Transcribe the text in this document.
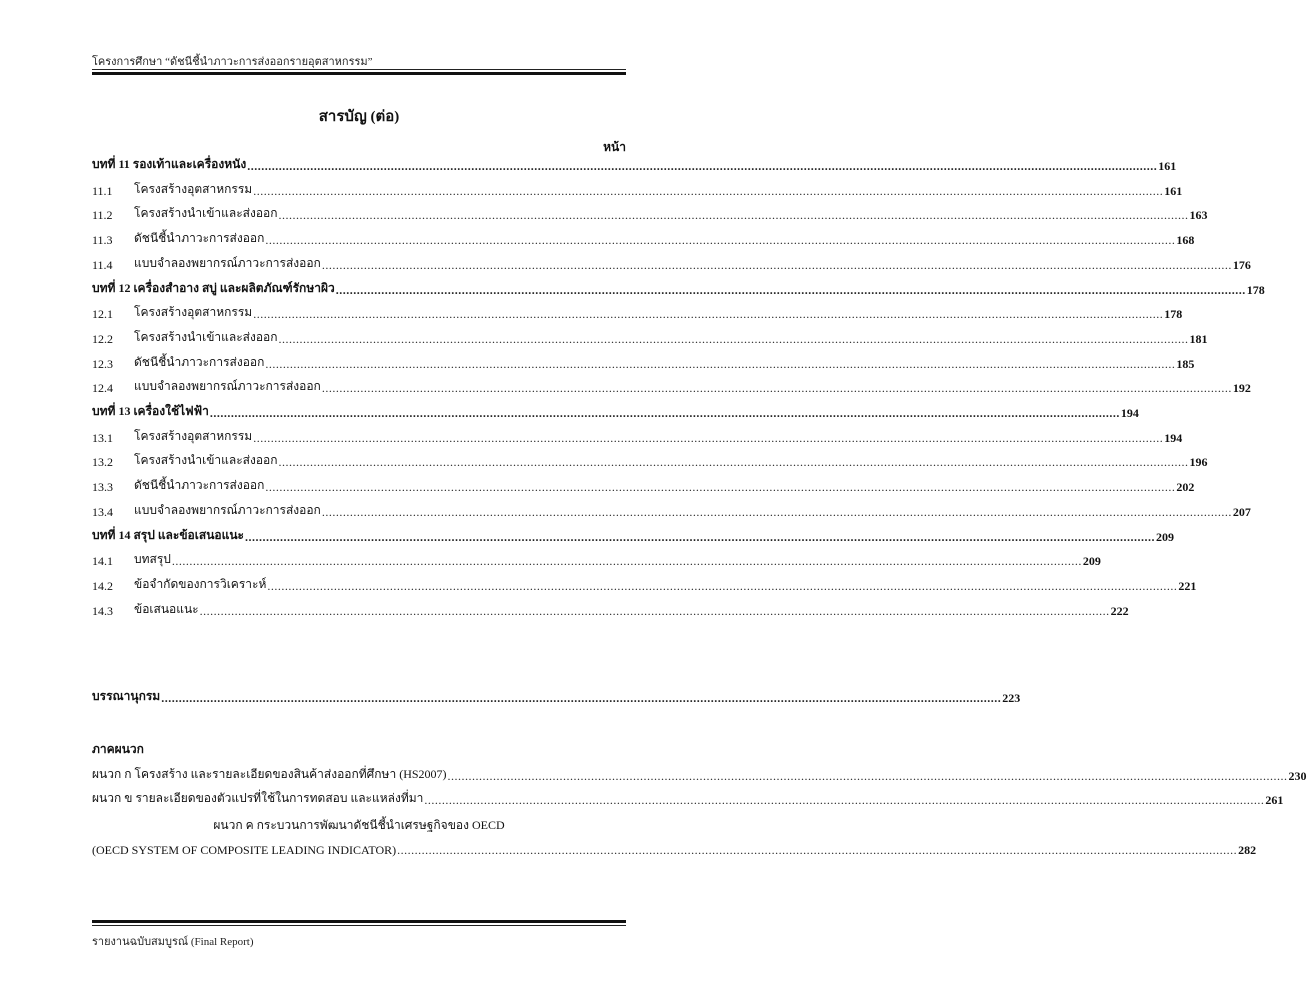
โครงการศึกษา “ดัชนีชี้นำภาวะการส่งออกรายอุตสาหกรรม”
สารบัญ (ต่อ)
หน้า
บทที่ 11 รองเท้าและเครื่องหนัง .................................................................................................................................................................................................................................................................... 161
11.1	โครงสร้างอุตสาหกรรม .................................................................................................................................................................................................................................................................... 161
11.2	โครงสร้างนำเข้าและส่งออก .................................................................................................................................................................................................................................................................... 163
11.3	ดัชนีชี้นำภาวะการส่งออก .................................................................................................................................................................................................................................................................... 168
11.4	แบบจำลองพยากรณ์ภาวะการส่งออก .................................................................................................................................................................................................................................................................... 176
บทที่ 12 เครื่องสำอาง สบู่ และผลิตภัณฑ์รักษาผิว .................................................................................................................................................................................................................................................................... 178
12.1	โครงสร้างอุตสาหกรรม .................................................................................................................................................................................................................................................................... 178
12.2	โครงสร้างนำเข้าและส่งออก .................................................................................................................................................................................................................................................................... 181
12.3	ดัชนีชี้นำภาวะการส่งออก .................................................................................................................................................................................................................................................................... 185
12.4	แบบจำลองพยากรณ์ภาวะการส่งออก .................................................................................................................................................................................................................................................................... 192
บทที่ 13 เครื่องใช้ไฟฟ้า .................................................................................................................................................................................................................................................................... 194
13.1	โครงสร้างอุตสาหกรรม .................................................................................................................................................................................................................................................................... 194
13.2	โครงสร้างนำเข้าและส่งออก .................................................................................................................................................................................................................................................................... 196
13.3	ดัชนีชี้นำภาวะการส่งออก .................................................................................................................................................................................................................................................................... 202
13.4	แบบจำลองพยากรณ์ภาวะการส่งออก .................................................................................................................................................................................................................................................................... 207
บทที่ 14 สรุป และข้อเสนอแนะ .................................................................................................................................................................................................................................................................... 209
14.1	บทสรุป .................................................................................................................................................................................................................................................................... 209
14.2	ข้อจำกัดของการวิเคราะห์ .................................................................................................................................................................................................................................................................... 221
14.3	ข้อเสนอแนะ .................................................................................................................................................................................................................................................................... 222
บรรณานุกรม ................................................................................................................................................................................................................................................ 223
ภาคผนวก
ผนวก ก โครงสร้าง และรายละเอียดของสินค้าส่งออกที่ศึกษา (HS2007) ................................................................................................................................................................................................................................................ 230
ผนวก ข รายละเอียดของตัวแปรที่ใช้ในการทดสอบ และแหล่งที่มา ................................................................................................................................................................................................................................................ 261
ผนวก ค กระบวนการพัฒนาดัชนีชี้นำเศรษฐกิจของ OECD
(OECD SYSTEM OF COMPOSITE LEADING INDICATOR) ................................................................................................................................................................................................................................................ 282
รายงานฉบับสมบูรณ์ (Final Report)
